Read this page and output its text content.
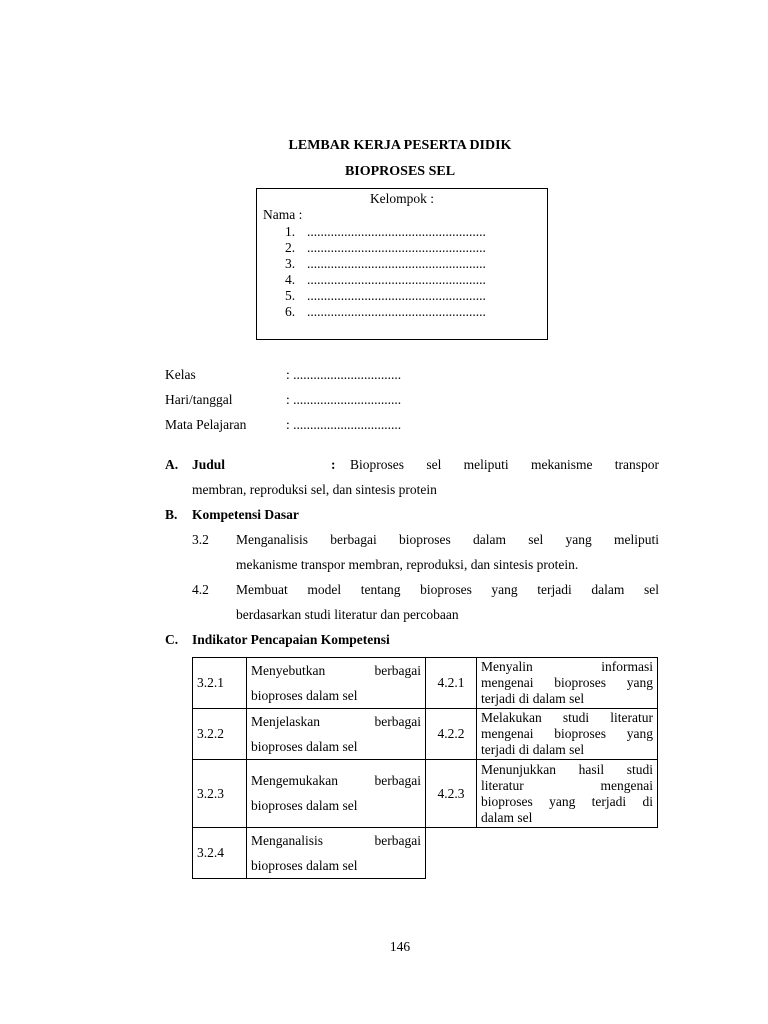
LEMBAR KERJA PESERTA DIDIK
BIOPROSES SEL
Kelompok :
Nama :
1. .....................................................
2. .....................................................
3. .....................................................
4. .....................................................
5. .....................................................
6. .....................................................
Kelas	: ................................
Hari/tanggal	: ................................
Mata Pelajaran	: ................................
A. Judul	: Bioproses sel meliputi mekanisme transpor
membran, reproduksi sel, dan sintesis protein
B. Kompetensi Dasar
3.2 Menganalisis berbagai bioproses dalam sel yang meliputi
mekanisme transpor membran, reproduksi, dan sintesis protein.
4.2 Membuat model tentang bioproses yang terjadi dalam sel
berdasarkan studi literatur dan percobaan
C. Indikator Pencapaian Kompetensi
3.2.1	Menyebutkan berbagai
bioproses dalam sel	4.2.1	Menyalin informasi
mengenai bioproses yang
terjadi di dalam sel

3.2.2	Menjelaskan berbagai
bioproses dalam sel	4.2.2	Melakukan studi literatur
mengenai bioproses yang
terjadi di dalam sel

3.2.3	Mengemukakan berbagai
bioproses dalam sel	4.2.3	Menunjukkan hasil studi
literatur mengenai
bioproses yang terjadi di
dalam sel

3.2.4	Menganalisis berbagai
bioproses dalam sel		

146
